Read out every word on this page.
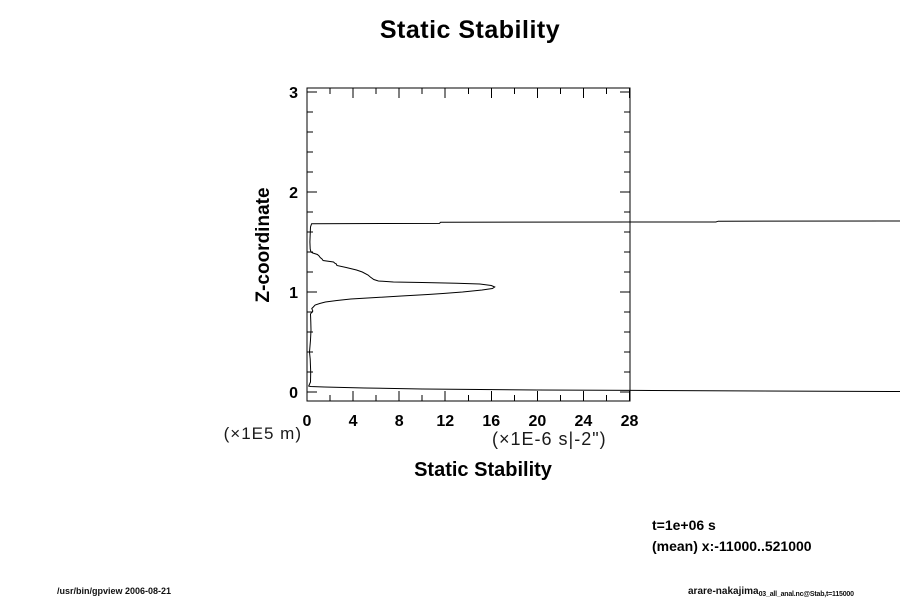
0 4 8 12 16 20 24 28
0
1
2
3
Static Stability
Z-coordinate
(×1E5 m)	(×1E-6 s|-2")
Static Stability
t=1e+06 s
(mean) x:-11000..521000
/usr/bin/gpview 2006-08-21	arare-nakajima$_{03\_all\_anal.nc@Stab,t=115000}$
